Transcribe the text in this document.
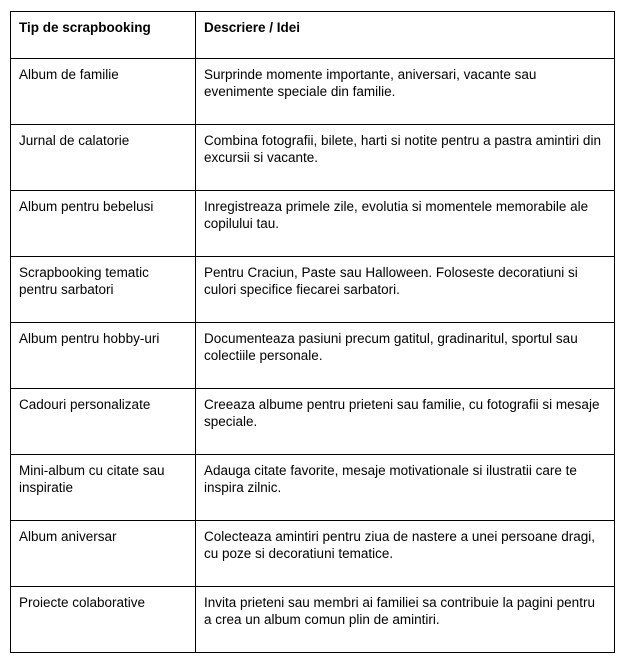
Tip de scrapbooking	Descriere / Idei
Album de familie	Surprinde momente importante, aniversari, vacante sau evenimente speciale din familie.
Jurnal de calatorie	Combina fotografii, bilete, harti si notite pentru a pastra amintiri din excursii si vacante.
Album pentru bebelusi	Inregistreaza primele zile, evolutia si momentele memorabile ale copilului tau.
Scrapbooking tematic pentru sarbatori	Pentru Craciun, Paste sau Halloween. Foloseste decoratiuni si culori specifice fiecarei sarbatori.
Album pentru hobby-uri	Documenteaza pasiuni precum gatitul, gradinaritul, sportul sau colectiile personale.
Cadouri personalizate	Creeaza albume pentru prieteni sau familie, cu fotografii si mesaje speciale.
Mini-album cu citate sau inspiratie	Adauga citate favorite, mesaje motivationale si ilustratii care te inspira zilnic.
Album aniversar	Colecteaza amintiri pentru ziua de nastere a unei persoane dragi, cu poze si decoratiuni tematice.
Proiecte colaborative	Invita prieteni sau membri ai familiei sa contribuie la pagini pentru a crea un album comun plin de amintiri.
